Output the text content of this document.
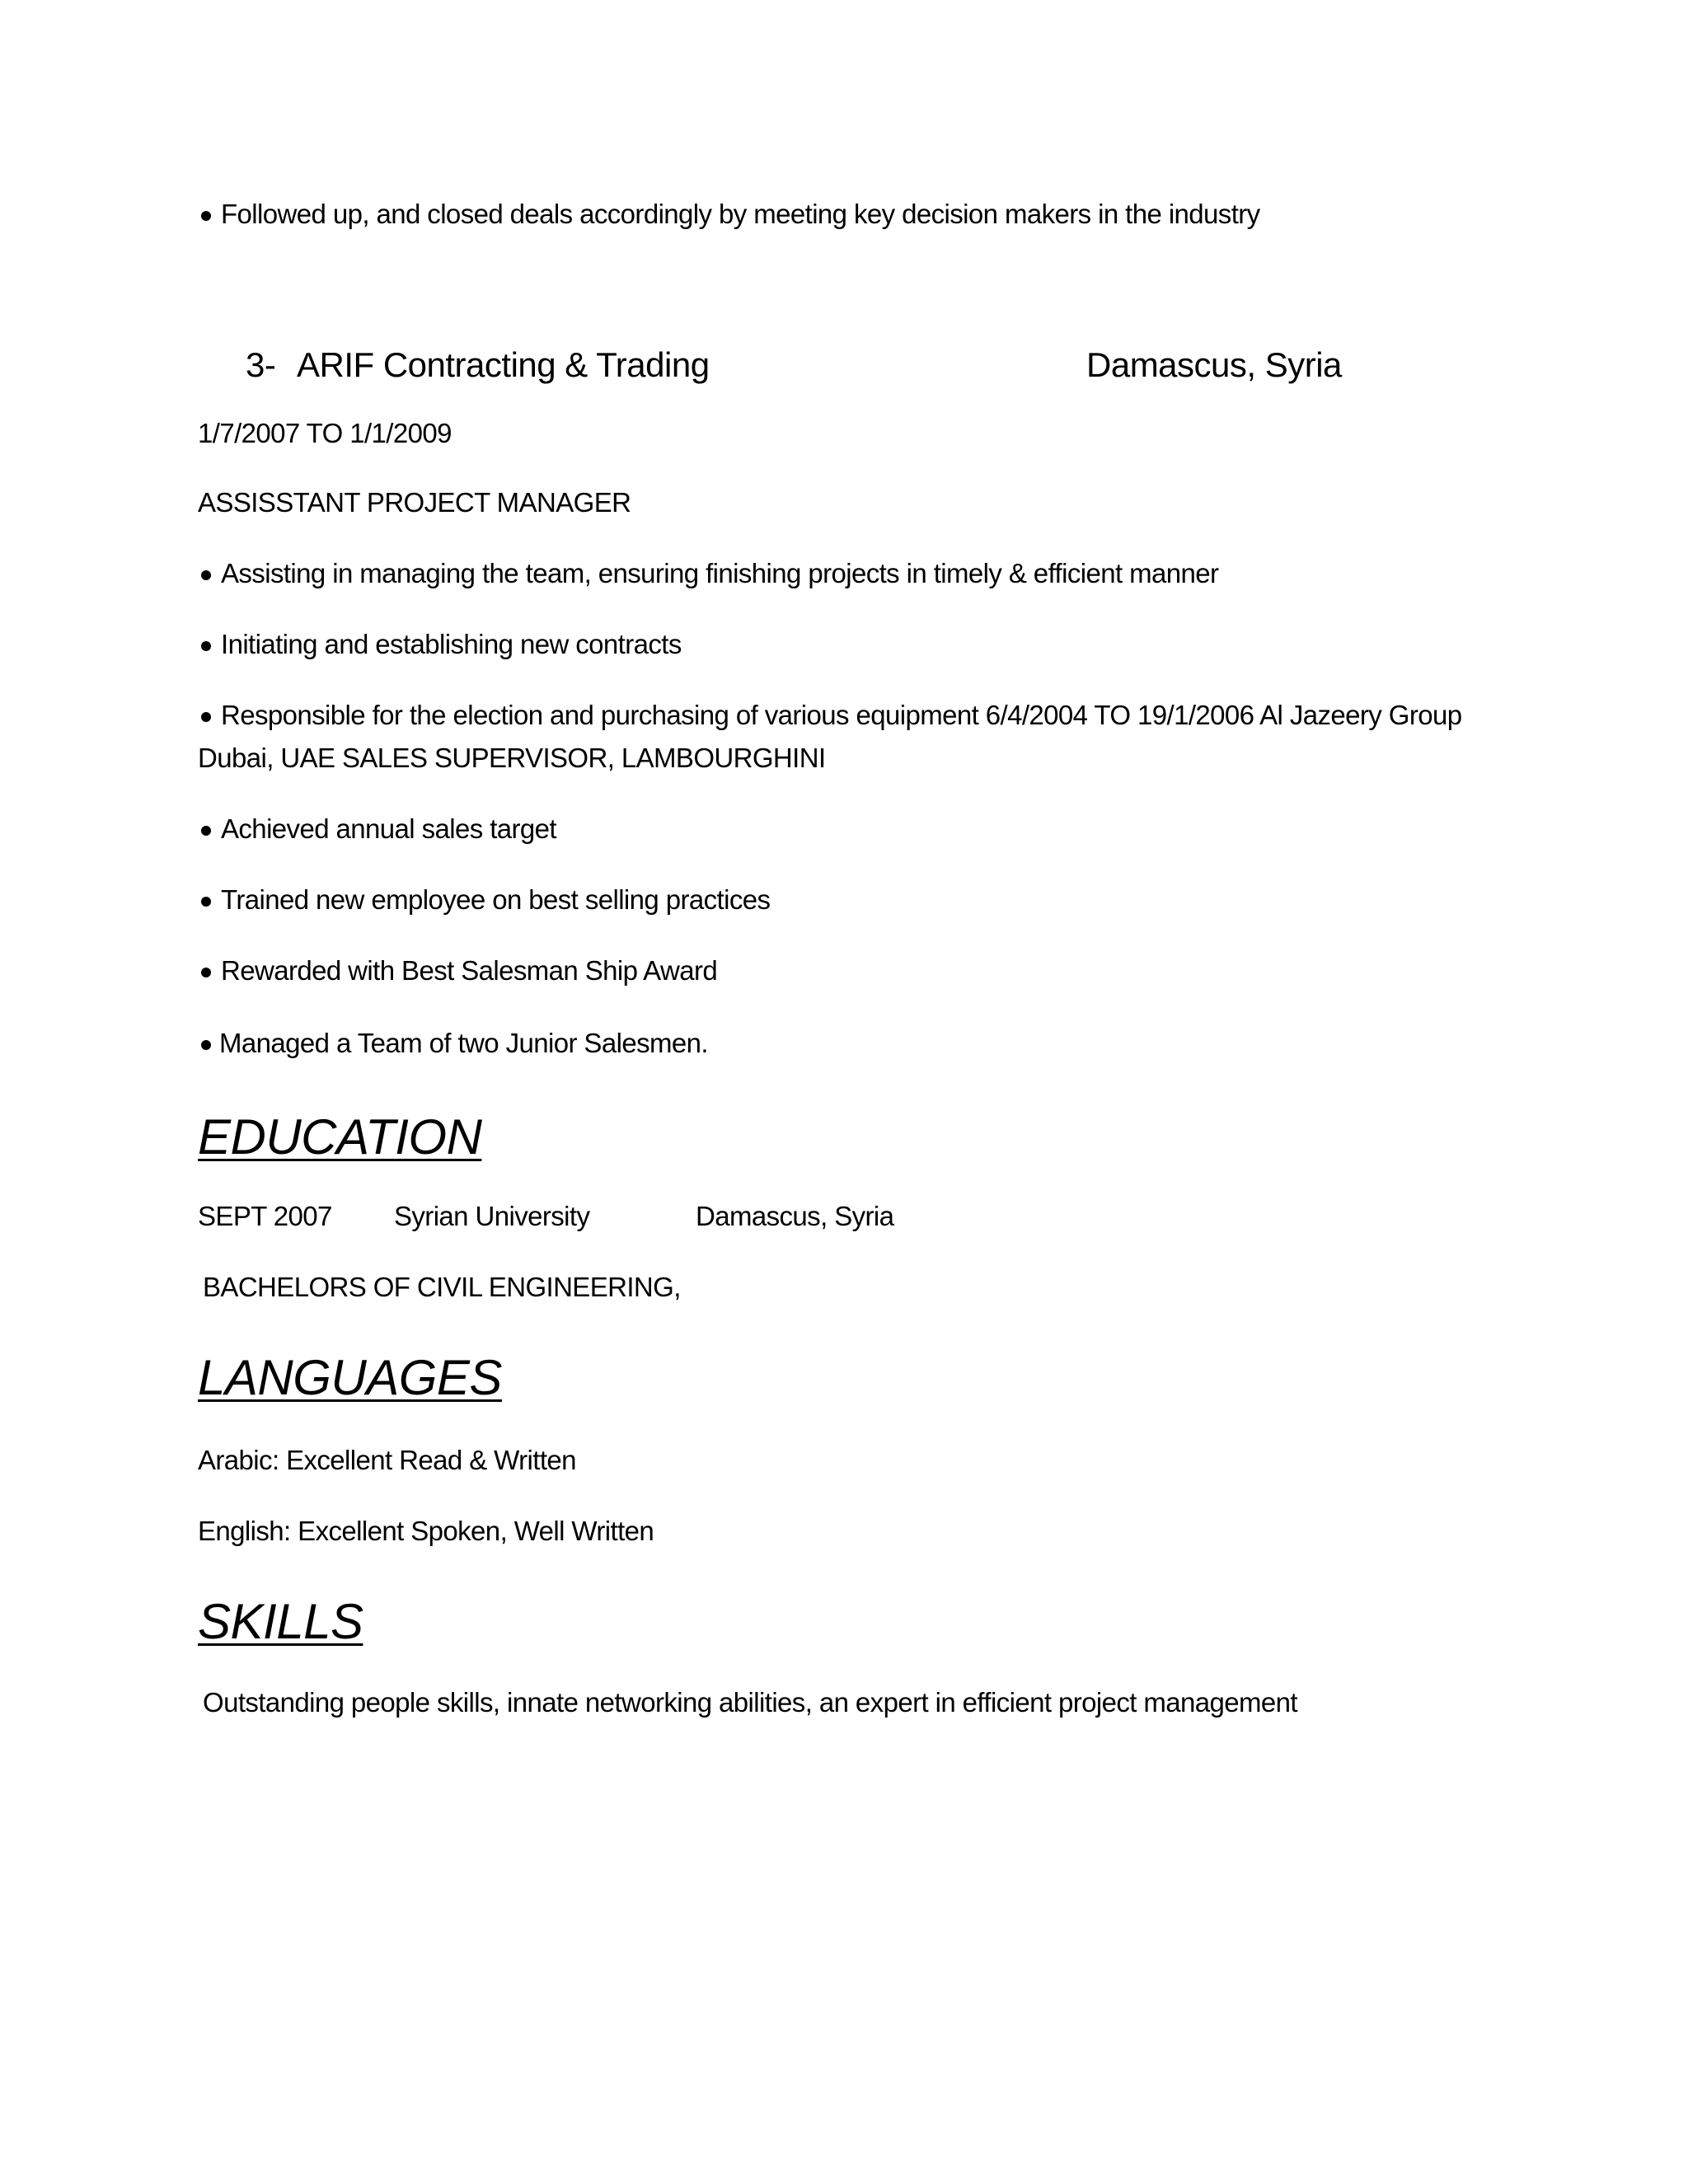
Followed up, and closed deals accordingly by meeting key decision makers in the industry
3- ARIF Contracting & Trading	Damascus, Syria
1/7/2007 TO 1/1/2009
ASSISSTANT PROJECT MANAGER
Assisting in managing the team, ensuring finishing projects in timely & efficient manner
Initiating and establishing new contracts
Responsible for the election and purchasing of various equipment 6/4/2004 TO 19/1/2006 Al Jazeery Group Dubai, UAE SALES SUPERVISOR, LAMBOURGHINI
Achieved annual sales target
Trained new employee on best selling practices
Rewarded with Best Salesman Ship Award
Managed a Team of two Junior Salesmen.
EDUCATION
SEPT 2007 Syrian University	Damascus, Syria
BACHELORS OF CIVIL ENGINEERING,
LANGUAGES
Arabic: Excellent Read & Written
English: Excellent Spoken, Well Written
SKILLS
Outstanding people skills, innate networking abilities, an expert in efficient project management
